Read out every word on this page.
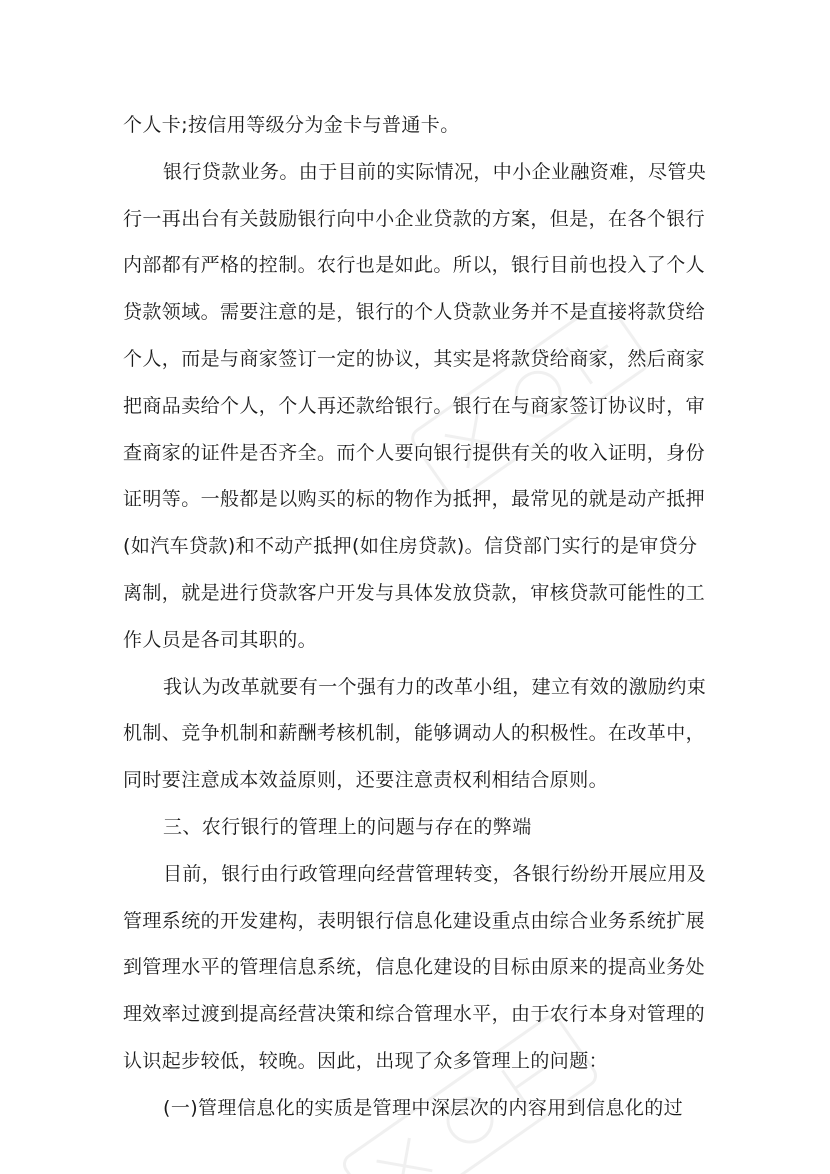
个人卡;按信用等级分为金卡与普通卡。
银行贷款业务。由于目前的实际情况，中小企业融资难，尽管央
行一再出台有关鼓励银行向中小企业贷款的方案，但是，在各个银行
内部都有严格的控制。农行也是如此。所以，银行目前也投入了个人
贷款领域。需要注意的是，银行的个人贷款业务并不是直接将款贷给
个人，而是与商家签订一定的协议，其实是将款贷给商家，然后商家
把商品卖给个人，个人再还款给银行。银行在与商家签订协议时，审
查商家的证件是否齐全。而个人要向银行提供有关的收入证明，身份
证明等。一般都是以购买的标的物作为抵押，最常见的就是动产抵押
(如汽车贷款)和不动产抵押(如住房贷款)。信贷部门实行的是审贷分
离制，就是进行贷款客户开发与具体发放贷款，审核贷款可能性的工
作人员是各司其职的。
我认为改革就要有一个强有力的改革小组，建立有效的激励约束
机制、竞争机制和薪酬考核机制，能够调动人的积极性。在改革中，
同时要注意成本效益原则，还要注意责权利相结合原则。
三、农行银行的管理上的问题与存在的弊端
目前，银行由行政管理向经营管理转变，各银行纷纷开展应用及
管理系统的开发建构，表明银行信息化建设重点由综合业务系统扩展
到管理水平的管理信息系统，信息化建设的目标由原来的提高业务处
理效率过渡到提高经营决策和综合管理水平，由于农行本身对管理的
认识起步较低，较晚。因此，出现了众多管理上的问题：
(一)管理信息化的实质是管理中深层次的内容用到信息化的过
